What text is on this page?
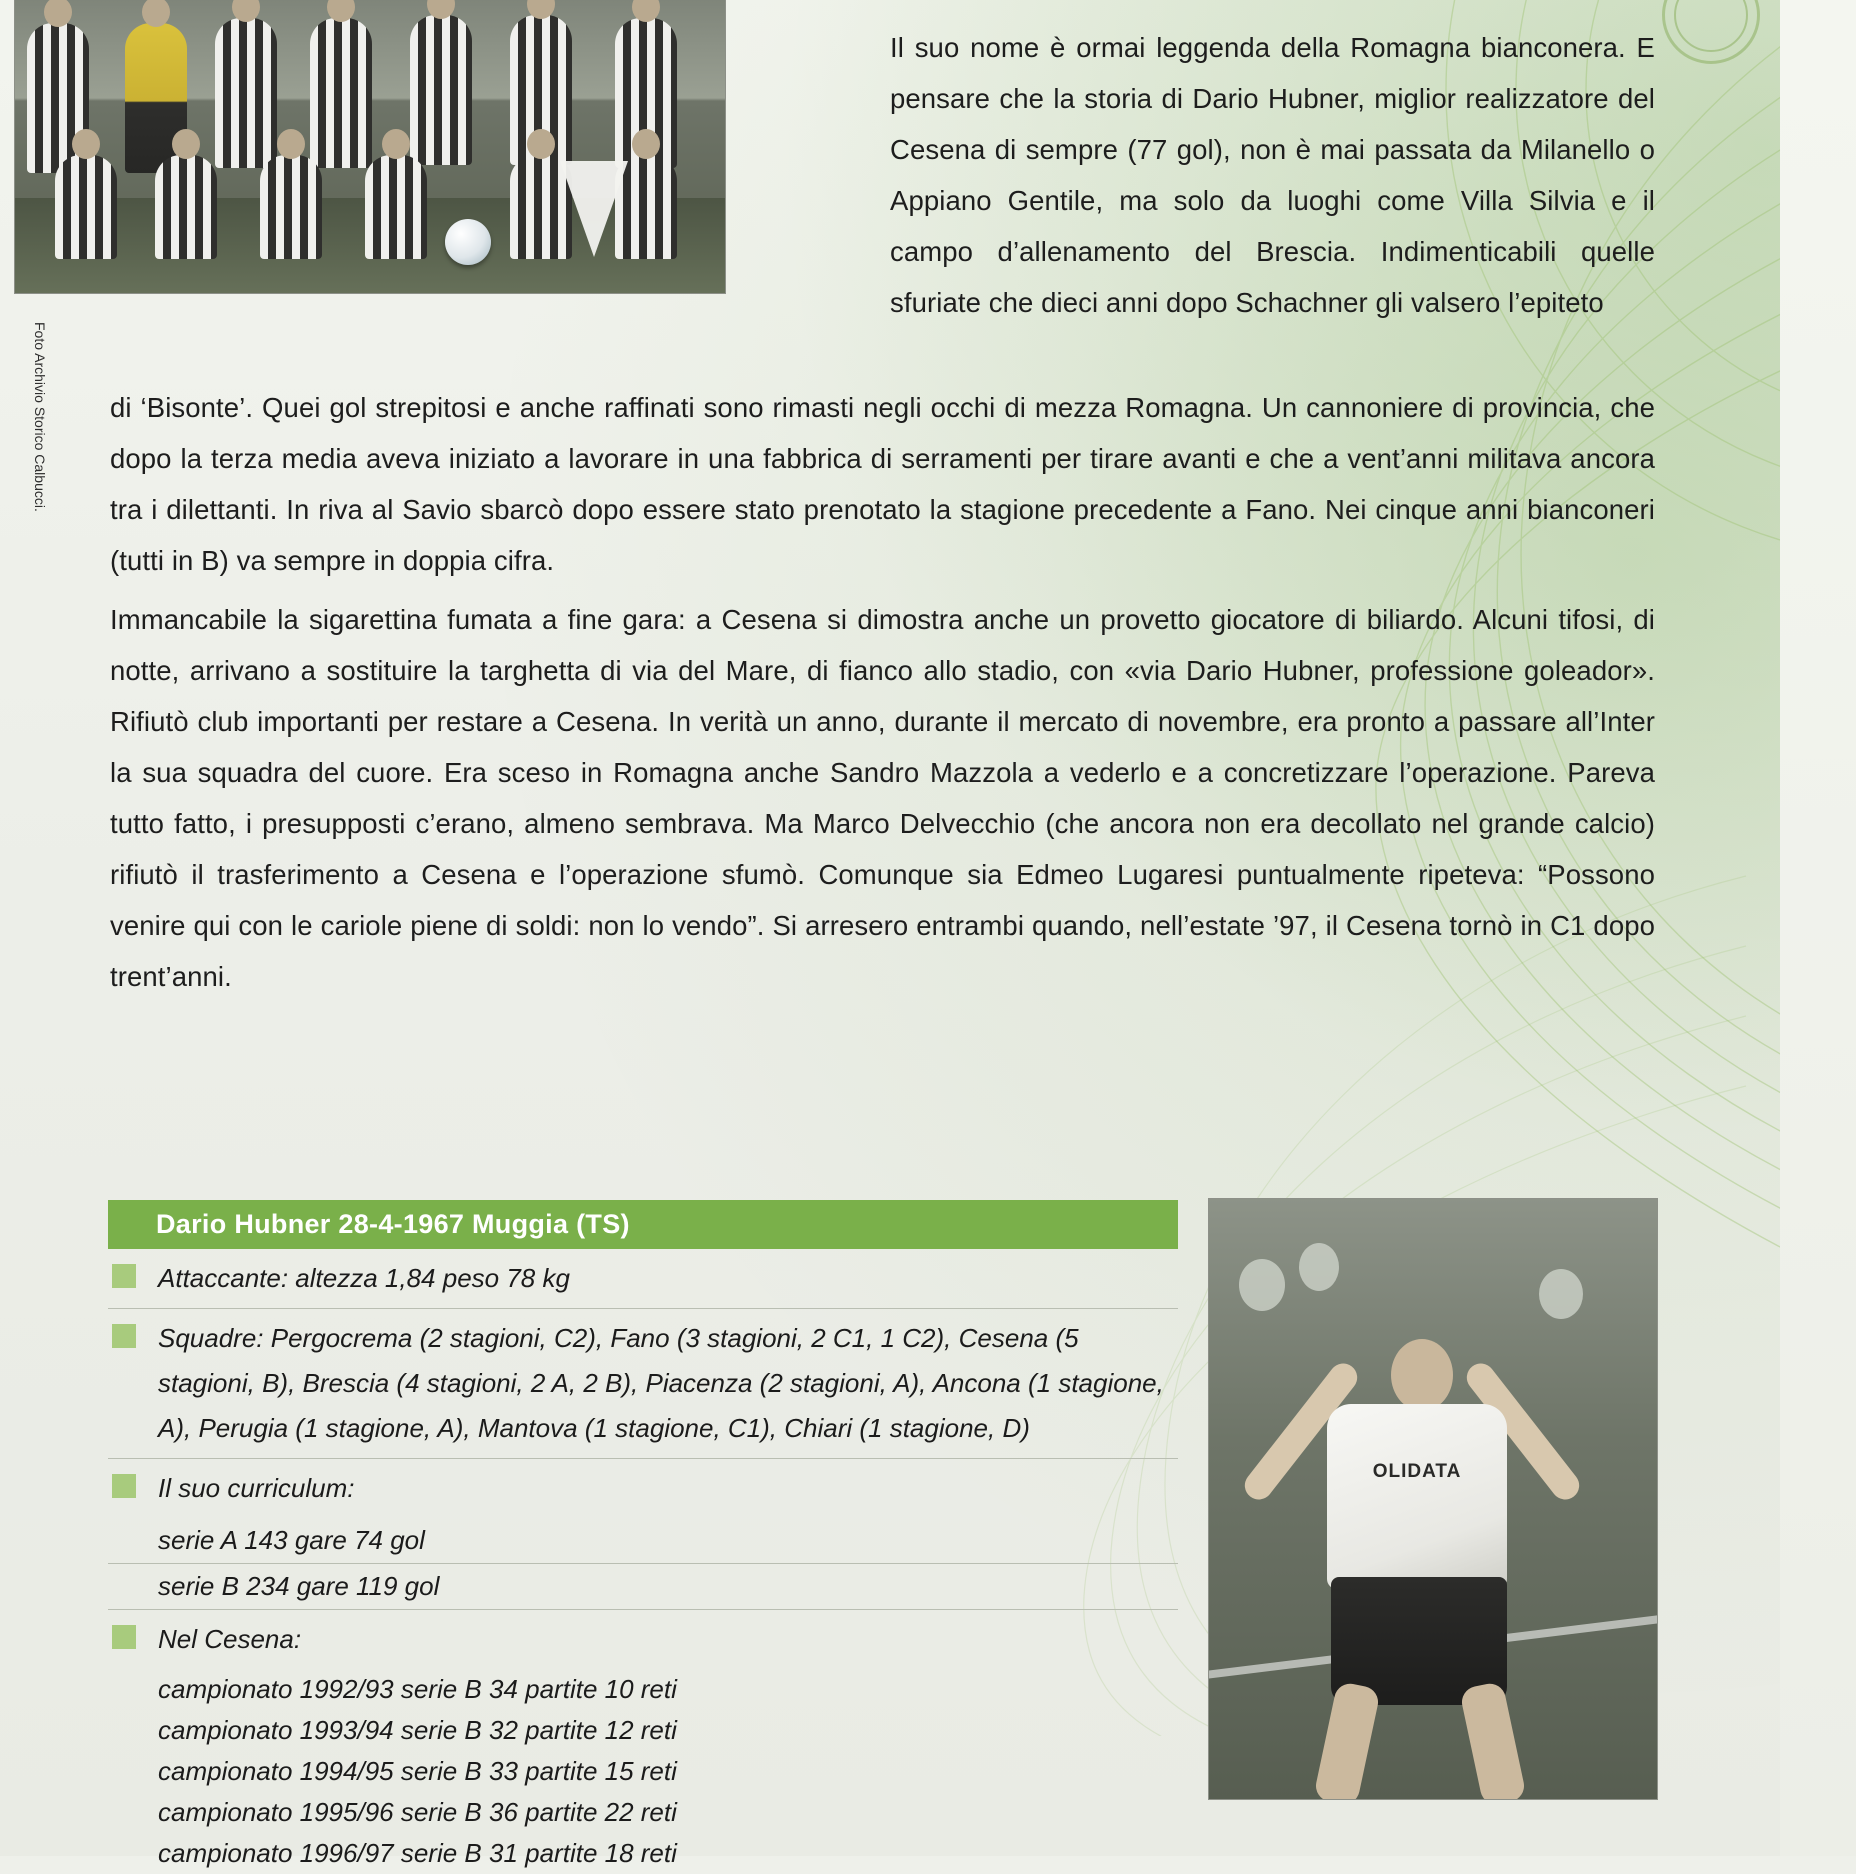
Foto Archivio Storico Calbucci.
Il suo nome è ormai leggenda della Romagna bianconera. E pensare che la storia di Dario Hubner, miglior realizzatore del Cesena di sempre (77 gol), non è mai passata da Milanello o Appiano Gentile, ma solo da luoghi come Villa Silvia e il campo d’allenamento del Brescia. Indimenticabili quelle sfuriate che dieci anni dopo Schachner gli valsero l’epiteto

di ‘Bisonte’. Quei gol strepitosi e anche raffinati sono rimasti negli occhi di mezza Romagna. Un cannoniere di provincia, che dopo la terza media aveva iniziato a lavorare in una fabbrica di serramenti per tirare avanti e che a vent’anni militava ancora tra i dilettanti. In riva al Savio sbarcò dopo essere stato prenotato la stagione precedente a Fano. Nei cinque anni bianconeri (tutti in B) va sempre in doppia cifra.

Immancabile la sigarettina fumata a fine gara: a Cesena si dimostra anche un provetto giocatore di biliardo. Alcuni tifosi, di notte, arrivano a sostituire la targhetta di via del Mare, di fianco allo stadio, con «via Dario Hubner, professione goleador». Rifiutò club importanti per restare a Cesena. In verità un anno, durante il mercato di novembre, era pronto a passare all’Inter la sua squadra del cuore. Era sceso in Romagna anche Sandro Mazzola a vederlo e a concretizzare l’operazione. Pareva tutto fatto, i presupposti c’erano, almeno sembrava. Ma Marco Delvecchio (che ancora non era decollato nel grande calcio) rifiutò il trasferimento a Cesena e l’operazione sfumò. Comunque sia Edmeo Lugaresi puntualmente ripeteva: “Possono venire qui con le cariole piene di soldi: non lo vendo”. Si arresero entrambi quando, nell’estate ’97, il Cesena tornò in C1 dopo trent’anni.

Dario Hubner 28-4-1967 Muggia (TS)
Attaccante: altezza 1,84 peso 78 kg
Squadre: Pergocrema (2 stagioni, C2), Fano (3 stagioni, 2 C1, 1 C2), Cesena (5 stagioni, B), Brescia (4 stagioni, 2 A, 2 B), Piacenza (2 stagioni, A), Ancona (1 stagione, A), Perugia (1 stagione, A), Mantova (1 stagione, C1), Chiari (1 stagione, D)
Il suo curriculum:
serie A 143 gare 74 gol
serie B 234 gare 119 gol
Nel Cesena:
campionato 1992/93 serie B 34 partite 10 reti
campionato 1993/94 serie B 32 partite 12 reti
campionato 1994/95 serie B 33 partite 15 reti
campionato 1995/96 serie B 36 partite 22 reti
campionato 1996/97 serie B 31 partite 18 reti
OLIDATA
